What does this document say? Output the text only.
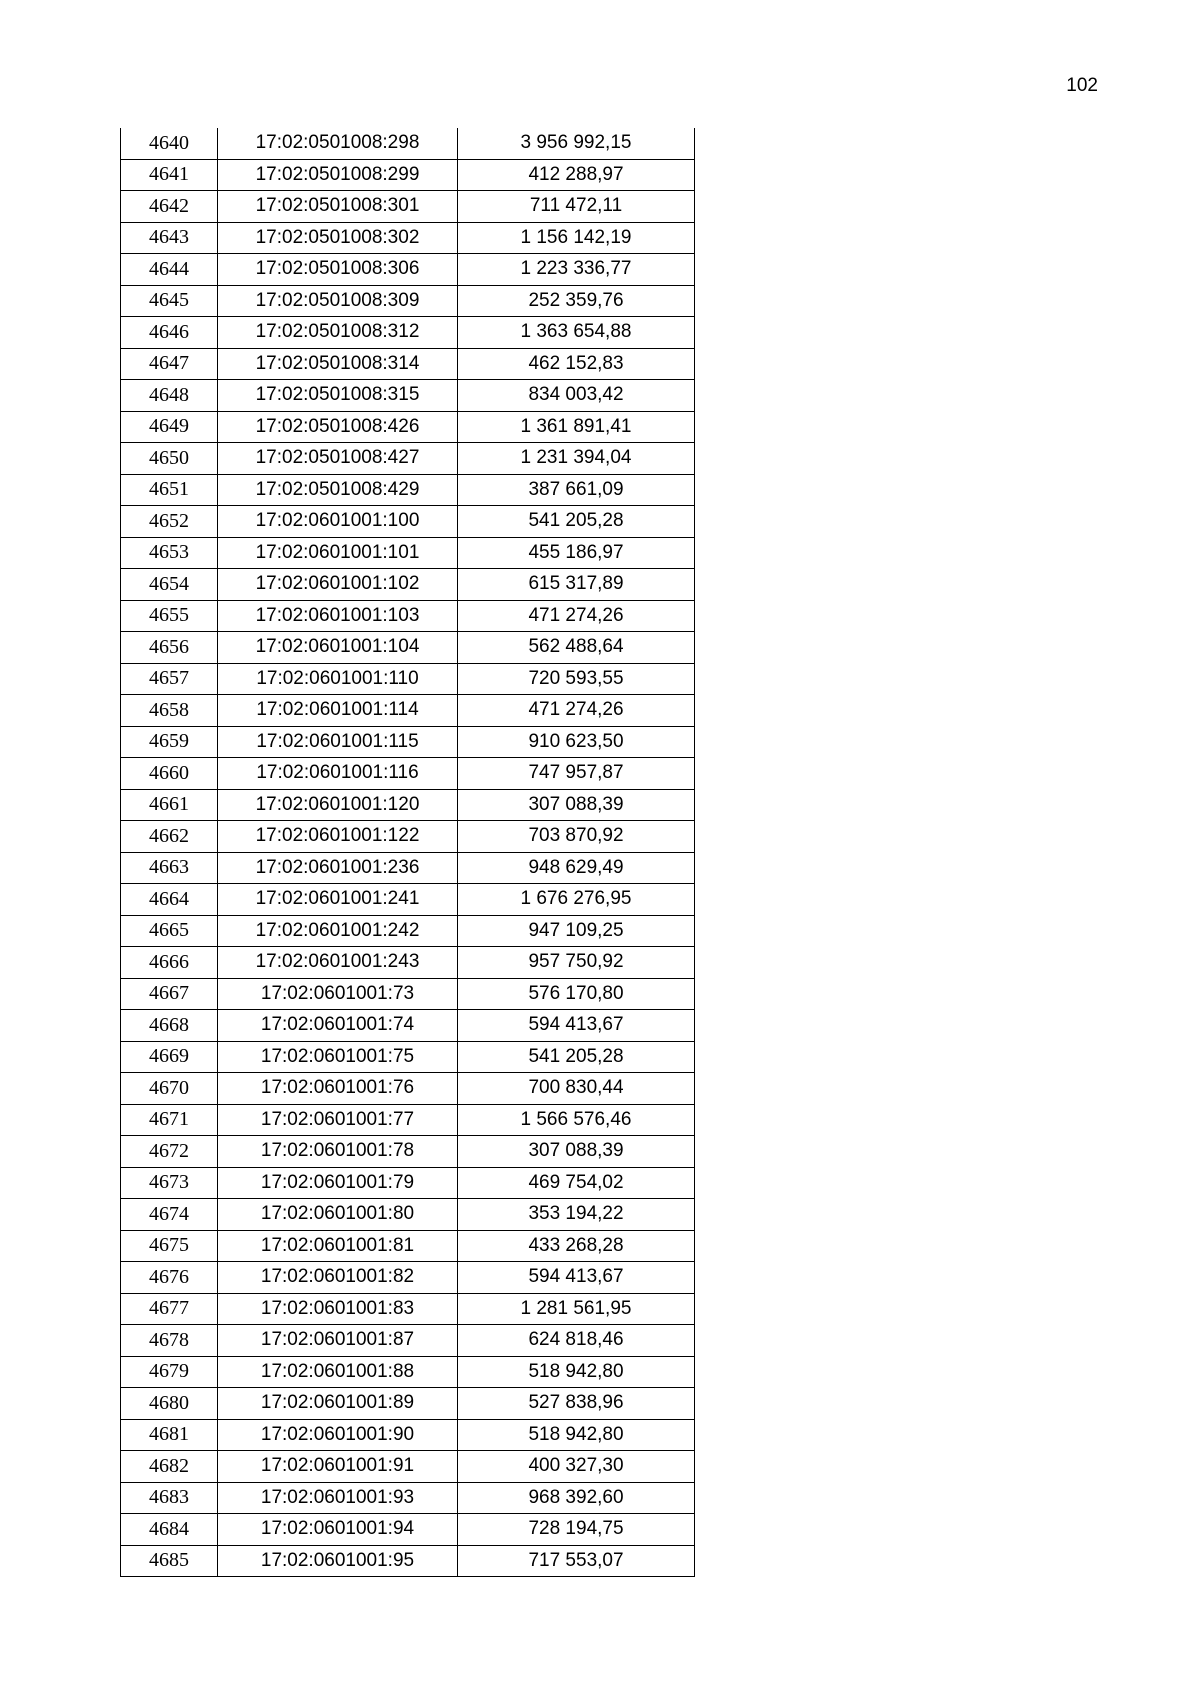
102
4640	17:02:0501008:298	3 956 992,15
4641	17:02:0501008:299	412 288,97
4642	17:02:0501008:301	711 472,11
4643	17:02:0501008:302	1 156 142,19
4644	17:02:0501008:306	1 223 336,77
4645	17:02:0501008:309	252 359,76
4646	17:02:0501008:312	1 363 654,88
4647	17:02:0501008:314	462 152,83
4648	17:02:0501008:315	834 003,42
4649	17:02:0501008:426	1 361 891,41
4650	17:02:0501008:427	1 231 394,04
4651	17:02:0501008:429	387 661,09
4652	17:02:0601001:100	541 205,28
4653	17:02:0601001:101	455 186,97
4654	17:02:0601001:102	615 317,89
4655	17:02:0601001:103	471 274,26
4656	17:02:0601001:104	562 488,64
4657	17:02:0601001:110	720 593,55
4658	17:02:0601001:114	471 274,26
4659	17:02:0601001:115	910 623,50
4660	17:02:0601001:116	747 957,87
4661	17:02:0601001:120	307 088,39
4662	17:02:0601001:122	703 870,92
4663	17:02:0601001:236	948 629,49
4664	17:02:0601001:241	1 676 276,95
4665	17:02:0601001:242	947 109,25
4666	17:02:0601001:243	957 750,92
4667	17:02:0601001:73	576 170,80
4668	17:02:0601001:74	594 413,67
4669	17:02:0601001:75	541 205,28
4670	17:02:0601001:76	700 830,44
4671	17:02:0601001:77	1 566 576,46
4672	17:02:0601001:78	307 088,39
4673	17:02:0601001:79	469 754,02
4674	17:02:0601001:80	353 194,22
4675	17:02:0601001:81	433 268,28
4676	17:02:0601001:82	594 413,67
4677	17:02:0601001:83	1 281 561,95
4678	17:02:0601001:87	624 818,46
4679	17:02:0601001:88	518 942,80
4680	17:02:0601001:89	527 838,96
4681	17:02:0601001:90	518 942,80
4682	17:02:0601001:91	400 327,30
4683	17:02:0601001:93	968 392,60
4684	17:02:0601001:94	728 194,75
4685	17:02:0601001:95	717 553,07
